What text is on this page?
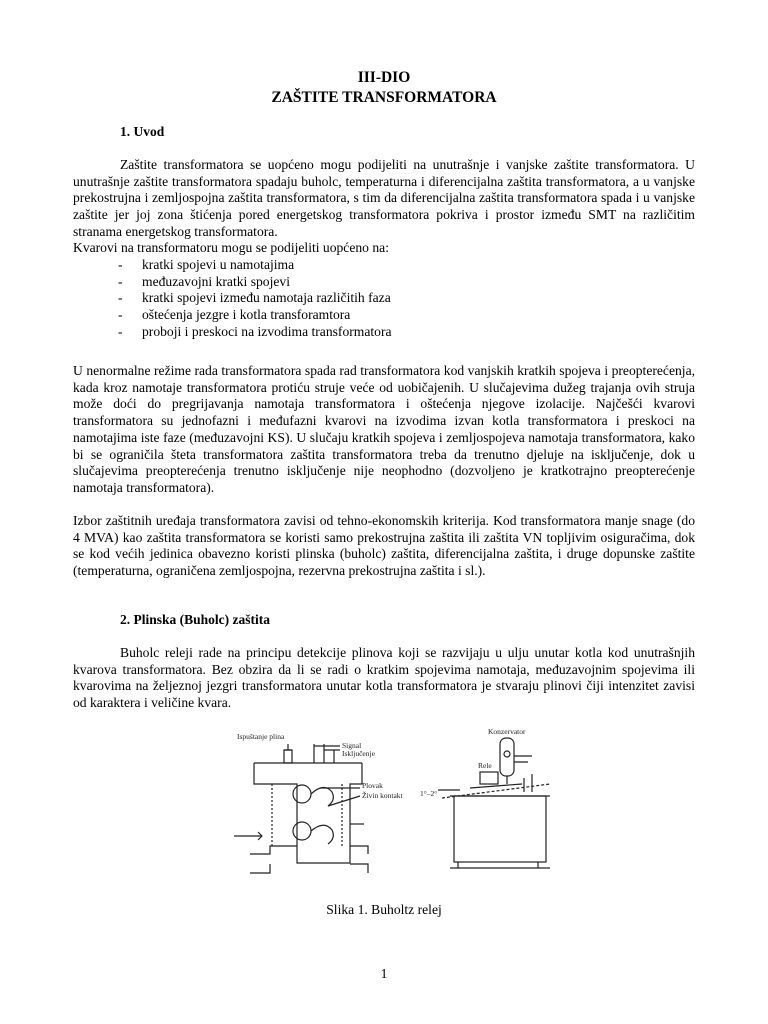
III-DIO
ZAŠTITE TRANSFORMATORA
1. Uvod

Zaštite transformatora se uopćeno mogu podijeliti na unutrašnje i vanjske zaštite transformatora. U unutrašnje zaštite transformatora spadaju buholc, temperaturna i diferencijalna zaštita transformatora, a u vanjske prekostrujna i zemljospojna zaštita transformatora, s tim da diferencijalna zaštita transformatora spada i u vanjske zaštite jer joj zona štićenja pored energetskog transformatora pokriva i prostor između SMT na različitim stranama energetskog transformatora.

Kvarovi na transformatoru mogu se podijeliti uopćeno na:

- kratki spojevi u namotajima
- međuzavojni kratki spojevi
- kratki spojevi između namotaja različitih faza
- oštećenja jezgre i kotla transforamtora
- proboji i preskoci na izvodima transformatora

U nenormalne režime rada transformatora spada rad transformatora kod vanjskih kratkih spojeva i preopterećenja, kada kroz namotaje transformatora protiću struje veće od uobičajenih. U slučajevima dužeg trajanja ovih struja može doći do pregrijavanja namotaja transformatora i oštećenja njegove izolacije. Najčešći kvarovi transformatora su jednofazni i međufazni kvarovi na izvodima izvan kotla transformatora i preskoci na namotajima iste faze (međuzavojni KS). U slučaju kratkih spojeva i zemljospojeva namotaja transformatora, kako bi se ograničila šteta transformatora zaštita transformatora treba da trenutno djeluje na isključenje, dok u slučajevima preopterećenja trenutno isključenje nije neophodno (dozvoljeno je kratkotrajno preopterećenje namotaja transformatora).

Izbor zaštitnih uređaja transformatora zavisi od tehno-ekonomskih kriterija. Kod transformatora manje snage (do 4 MVA) kao zaštita transformatora se koristi samo prekostrujna zaštita ili zaštita VN topljivim osiguračima, dok se kod većih jedinica obavezno koristi plinska (buholc) zaštita, diferencijalna zaštita, i druge dopunske zaštite (temperaturna, ograničena zemljospojna, rezervna prekostrujna zaštita i sl.).

2. Plinska (Buholc) zaštita

Buholc releji rade na principu detekcije plinova koji se razvijaju u ulju unutar kotla kod unutrašnjih kvarova transformatora. Bez obzira da li se radi o kratkim spojevima namotaja, međuzavojnim spojevima ili kvarovima na željeznoj jezgri transformatora unutar kotla transformatora je stvaraju plinovi čiji intenzitet zavisi od karaktera i veličine kvara.

Ispuštanje plina
Signal
Isključenje
Plovak
Živin kontakt
Konzervator
Rele
1°–2°
Slika 1. Buholtz relej
1
